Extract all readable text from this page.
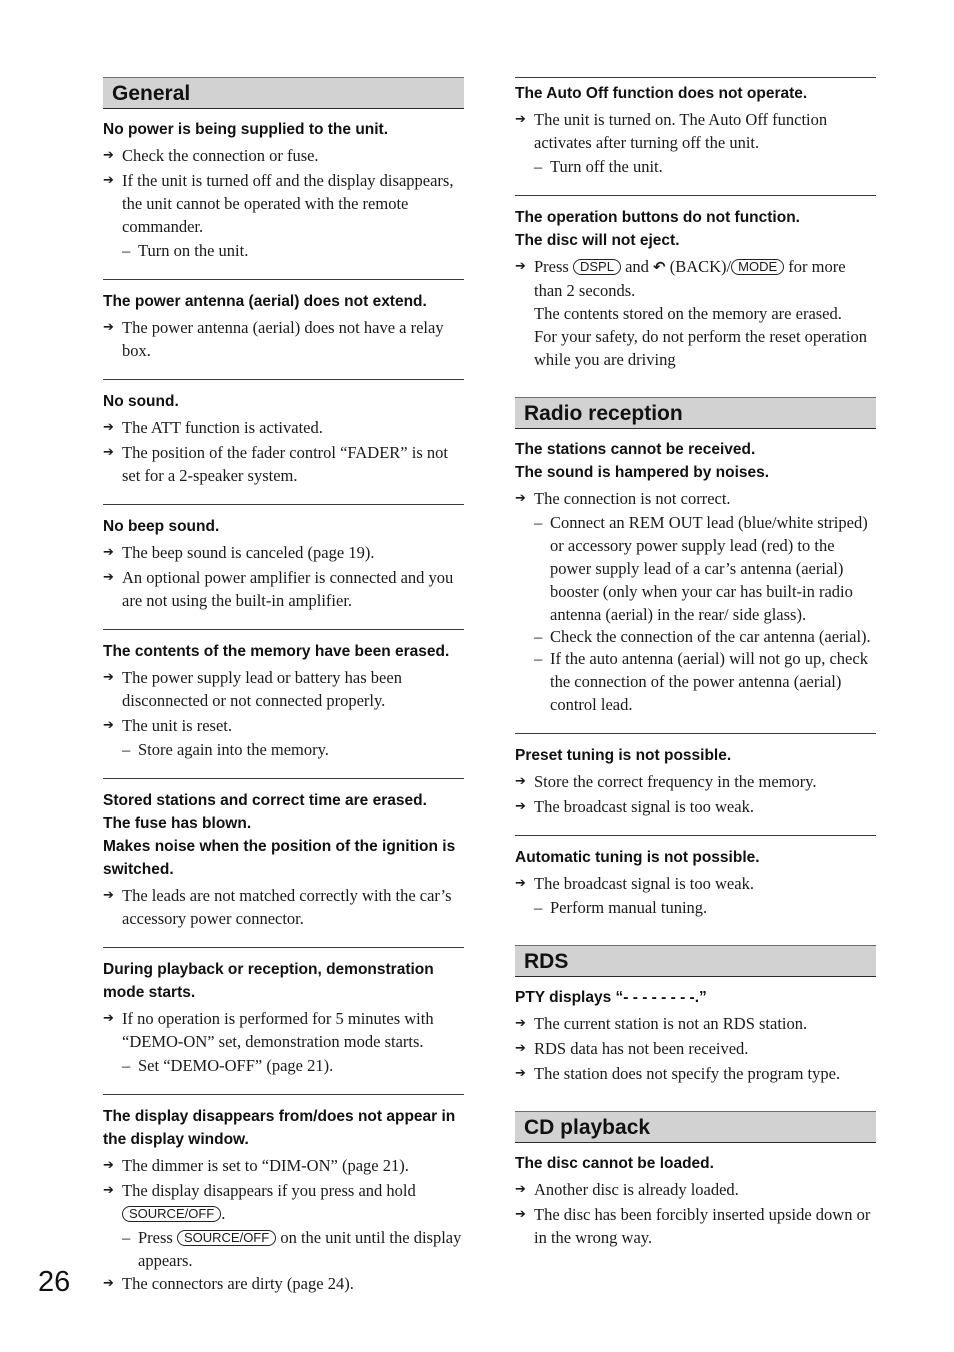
General
No power is being supplied to the unit.
➔ Check the connection or fuse.
➔ If the unit is turned off and the display disappears, the unit cannot be operated with the remote commander.
– Turn on the unit.
The power antenna (aerial) does not extend.
➔ The power antenna (aerial) does not have a relay box.
No sound.
➔ The ATT function is activated.
➔ The position of the fader control “FADER” is not set for a 2-speaker system.
No beep sound.
➔ The beep sound is canceled (page 19).
➔ An optional power amplifier is connected and you are not using the built-in amplifier.
The contents of the memory have been erased.
➔ The power supply lead or battery has been disconnected or not connected properly.
➔ The unit is reset.
– Store again into the memory.
Stored stations and correct time are erased.
The fuse has blown.
Makes noise when the position of the ignition is switched.
➔ The leads are not matched correctly with the car’s accessory power connector.
During playback or reception, demonstration mode starts.
➔ If no operation is performed for 5 minutes with “DEMO-ON” set, demonstration mode starts.
– Set “DEMO-OFF” (page 21).
The display disappears from/does not appear in the display window.
➔ The dimmer is set to “DIM-ON” (page 21).
➔ The display disappears if you press and hold SOURCE/OFF .
– Press SOURCE/OFF on the unit until the display appears.
➔ The connectors are dirty (page 24).
The Auto Off function does not operate.
➔ The unit is turned on. The Auto Off function activates after turning off the unit.
– Turn off the unit.
The operation buttons do not function.
The disc will not eject.
➔ Press DSPL and ↶ (BACK)/ MODE for more than 2 seconds.
The contents stored on the memory are erased.
For your safety, do not perform the reset operation while you are driving
Radio reception
The stations cannot be received.
The sound is hampered by noises.
➔ The connection is not correct.
– Connect an REM OUT lead (blue/white striped) or accessory power supply lead (red) to the power supply lead of a car’s antenna (aerial) booster (only when your car has built-in radio antenna (aerial) in the rear/ side glass).
– Check the connection of the car antenna (aerial).
– If the auto antenna (aerial) will not go up, check the connection of the power antenna (aerial) control lead.
Preset tuning is not possible.
➔ Store the correct frequency in the memory.
➔ The broadcast signal is too weak.
Automatic tuning is not possible.
➔ The broadcast signal is too weak.
– Perform manual tuning.
RDS
PTY displays “- - - - - - - -.”
➔ The current station is not an RDS station.
➔ RDS data has not been received.
➔ The station does not specify the program type.
CD playback
The disc cannot be loaded.
➔ Another disc is already loaded.
➔ The disc has been forcibly inserted upside down or in the wrong way.
26
